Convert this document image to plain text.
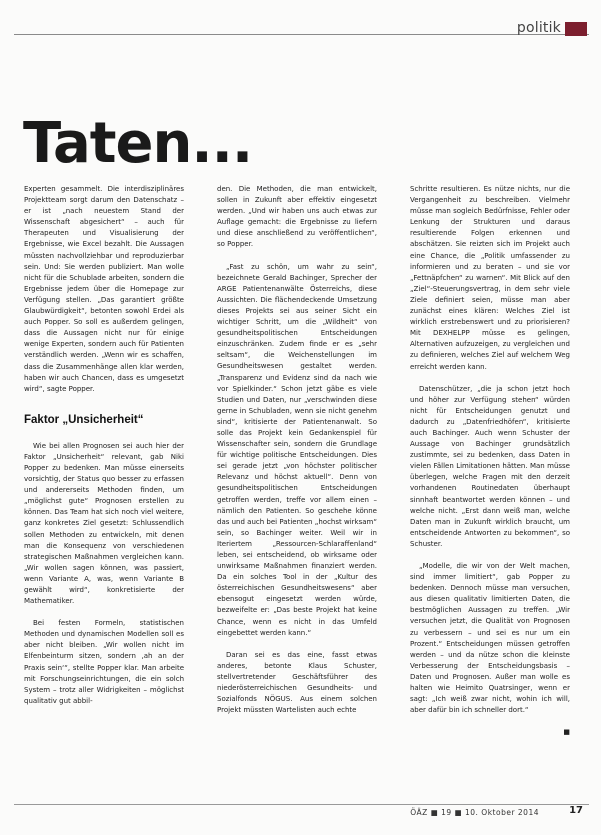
politik
Taten...

Experten gesammelt. Die interdisziplinäres Projektteam sorgt darum den Datenschatz – er ist „nach neuestem Stand der Wissenschaft abgesichert“ – auch für Therapeuten und Visualisierung der Ergebnisse, wie Excel bezahlt. Die Aussagen müssten nachvollziehbar und reproduzierbar sein. Und: Sie werden publiziert. Man wolle nicht für die Schublade arbeiten, sondern die Ergebnisse jedem über die Homepage zur Verfügung stellen. „Das garantiert größte Glaubwürdigkeit“, betonten sowohl Erdei als auch Popper. So soll es außerdem gelingen, dass die Aussagen nicht nur für einige wenige Experten, sondern auch für Patienten verständlich werden. „Wenn wir es schaffen, dass die Zusammenhänge allen klar werden, haben wir auch Chancen, dass es umgesetzt wird“, sagte Popper.

Faktor „Unsicherheit“

Wie bei allen Prognosen sei auch hier der Faktor „Unsicherheit“ relevant, gab Niki Popper zu bedenken. Man müsse einerseits vorsichtig, der Status quo besser zu erfassen und andererseits Methoden finden, um „möglichst gute“ Prognosen erstellen zu können. Das Team hat sich noch viel weitere, ganz konkretes Ziel gesetzt: Schlussendlich sollen Methoden zu entwickeln, mit denen man die Konsequenz von verschiedenen strategischen Maßnahmen vergleichen kann. „Wir wollen sagen können, was passiert, wenn Variante A, was, wenn Variante B gewählt wird“, konkretisierte der Mathematiker.

Bei festen Formeln, statistischen Methoden und dynamischen Modellen soll es aber nicht bleiben. „Wir wollen nicht im Elfenbeinturm sitzen, sondern ‚ah an der Praxis sein‘“, stellte Popper klar. Man arbeite mit Forschungseinrichtungen, die ein solch System – trotz aller Widrigkeiten – möglichst qualitativ gut abbil-

den. Die Methoden, die man entwickelt, sollen in Zukunft aber effektiv eingesetzt werden. „Und wir haben uns auch etwas zur Auflage gemacht: die Ergebnisse zu liefern und diese anschließend zu veröffentlichen“, so Popper.

„Fast zu schön, um wahr zu sein“, bezeichnete Gerald Bachinger, Sprecher der ARGE Patientenanwälte Österreichs, diese Aussichten. Die flächendeckende Umsetzung dieses Projekts sei aus seiner Sicht ein wichtiger Schritt, um die „Wildheit“ von gesundheitspolitischen Entscheidungen einzuschränken. Zudem finde er es „sehr seltsam“, die Weichenstellungen im Gesundheitswesen gestaltet werden. „Transparenz und Evidenz sind da nach wie vor Spielkinder.“ Schon jetzt gäbe es viele Studien und Daten, nur „verschwinden diese gerne in Schubladen, wenn sie nicht genehm sind“, kritisierte der Patientenanwalt. So solle das Projekt kein Gedankenspiel für Wissenschafter sein, sondern die Grundlage für wichtige politische Entscheidungen. Dies sei gerade jetzt „von höchster politischer Relevanz und höchst aktuell“. Denn von gesundheitspolitischen Entscheidungen getroffen werden, treffe vor allem einen – nämlich den Patienten. So geschehe könne das und auch bei Patienten „hochst wirksam“ sein, so Bachinger weiter. Weil wir in Iteriertem „Ressourcen-Schlaraffenland“ leben, sei entscheidend, ob wirksame oder unwirksame Maßnahmen finanziert werden. Da ein solches Tool in der „Kultur des österreichischen Gesundheitswesens“ aber ebensogut eingesetzt werden würde, bezweifelte er: „Das beste Projekt hat keine Chance, wenn es nicht in das Umfeld eingebettet werden kann.“

Daran sei es das eine, fasst etwas anderes, betonte Klaus Schuster, stellvertretender Geschäftsführer des niederösterreichischen Gesundheits- und Sozialfonds NÖGUS. Aus einem solchen Projekt müssten Wartelisten auch echte

Schritte resultieren. Es nütze nichts, nur die Vergangenheit zu beschreiben. Vielmehr müsse man sogleich Bedürfnisse, Fehler oder Lenkung der Strukturen und daraus resultierende Folgen erkennen und abschätzen. Sie reizten sich im Projekt auch eine Chance, die „Politik umfassender zu informieren und zu beraten – und sie vor „Fettnäpfchen“ zu warnen“. Mit Blick auf den „Ziel“-Steuerungsvertrag, in dem sehr viele Ziele definiert seien, müsse man aber zunächst eines klären: Welches Ziel ist wirklich erstrebenswert und zu priorisieren? Mit DEXHELPP müsse es gelingen, Alternativen aufzuzeigen, zu vergleichen und zu definieren, welches Ziel auf welchem Weg erreicht werden kann.

Datenschützer, „die ja schon jetzt hoch und höher zur Verfügung stehen“ würden nicht für Entscheidungen genutzt und dadurch zu „Datenfriedhöfen“, kritisierte auch Bachinger. Auch wenn Schuster der Aussage von Bachinger grundsätzlich zustimmte, sei zu bedenken, dass Daten in vielen Fällen Limitationen hätten. Man müsse überlegen, welche Fragen mit den derzeit vorhandenen Routinedaten überhaupt sinnhaft beantwortet werden können – und welche nicht. „Erst dann weiß man, welche Daten man in Zukunft wirklich braucht, um entscheidende Antworten zu bekommen“, so Schuster.

„Modelle, die wir von der Welt machen, sind immer limitiert“, gab Popper zu bedenken. Dennoch müsse man versuchen, aus diesen qualitativ limitierten Daten, die bestmöglichen Aussagen zu treffen. „Wir versuchen jetzt, die Qualität von Prognosen zu verbessern – und sei es nur um ein Prozent.“ Entscheidungen müssen getroffen werden – und da nütze schon die kleinste Verbesserung der Entscheidungsbasis – Daten und Prognosen. Außer man wolle es halten wie Heimito Quatrsinger, wenn er sagt: „Ich weiß zwar nicht, wohin ich will, aber dafür bin ich schneller dort.“

■
ÖÄZ ■ 19 ■ 10. Oktober 2014	17
